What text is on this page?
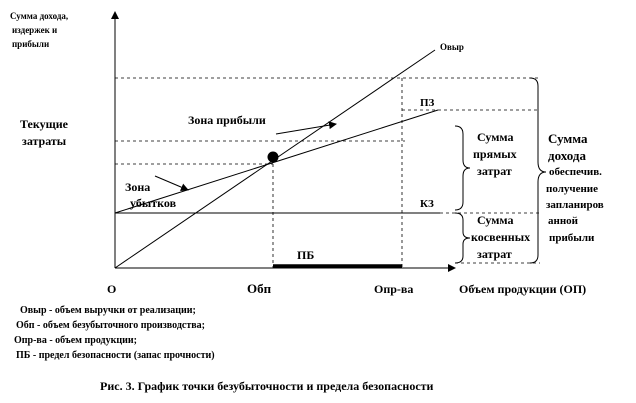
Сумма дохода,
издержек и
прибыли
Текущие
затраты
Зона прибыли
Зона
убытков
Овыр
ПЗ
КЗ
ПБ
O	Обп	Опр-ва	Объем продукции (ОП)
Сумма
прямых
затрат
Сумма
косвенных
затрат
Сумма
дохода
обеспечив.
получение
запланиров
анной
прибыли
Овыр - объем выручки от реализации;
Обп - объем безубыточного производства;
Опр-ва - объем продукции;
ПБ - предел безопасности (запас прочности)
Рис. 3. График точки безубыточности и предела безопасности
